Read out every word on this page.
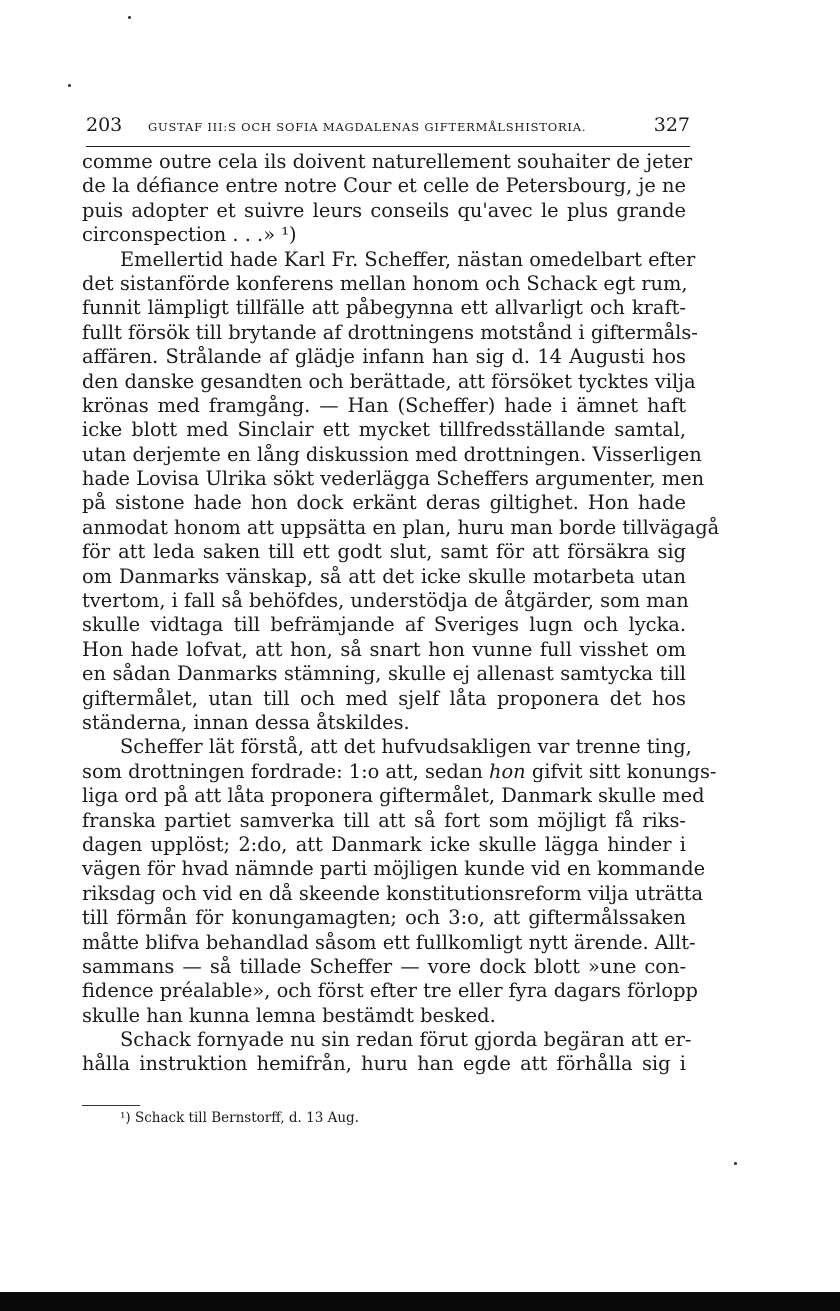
203 GUSTAF III:S OCH SOFIA MAGDALENAS GIFTERMÅLSHISTORIA.	327
comme outre cela ils doivent naturellement souhaiter de jeter
de la défiance entre notre Cour et celle de Petersbourg, je ne
puis adopter et suivre leurs conseils qu'avec le plus grande
circonspection . . .» ¹)
Emellertid hade Karl Fr. Scheffer, nästan omedelbart efter
det sistanförde konferens mellan honom och Schack egt rum,
funnit lämpligt tillfälle att påbegynna ett allvarligt och kraft-
fullt försök till brytande af drottningens motstånd i giftermåls-
affären. Strålande af glädje infann han sig d. 14 Augusti hos
den danske gesandten och berättade, att försöket tycktes vilja
krönas med framgång. — Han (Scheffer) hade i ämnet haft
icke blott med Sinclair ett mycket tillfredsställande samtal,
utan derjemte en lång diskussion med drottningen. Visserligen
hade Lovisa Ulrika sökt vederlägga Scheffers argumenter, men
på sistone hade hon dock erkänt deras giltighet. Hon hade
anmodat honom att uppsätta en plan, huru man borde tillvägagå
för att leda saken till ett godt slut, samt för att försäkra sig
om Danmarks vänskap, så att det icke skulle motarbeta utan
tvertom, i fall så behöfdes, understödja de åtgärder, som man
skulle vidtaga till befrämjande af Sveriges lugn och lycka.
Hon hade lofvat, att hon, så snart hon vunne full visshet om
en sådan Danmarks stämning, skulle ej allenast samtycka till
giftermålet, utan till och med sjelf låta proponera det hos
ständerna, innan dessa åtskildes.
Scheffer lät förstå, att det hufvudsakligen var trenne ting,
som drottningen fordrade: 1:o att, sedan hon gifvit sitt konungs-
liga ord på att låta proponera giftermålet, Danmark skulle med
franska partiet samverka till att så fort som möjligt få riks-
dagen upplöst; 2:do, att Danmark icke skulle lägga hinder i
vägen för hvad nämnde parti möjligen kunde vid en kommande
riksdag och vid en då skeende konstitutionsreform vilja uträtta
till förmån för konungamagten; och 3:o, att giftermålssaken
måtte blifva behandlad såsom ett fullkomligt nytt ärende. Allt-
sammans — så tillade Scheffer — vore dock blott »une con-
fidence préalable», och först efter tre eller fyra dagars förlopp
skulle han kunna lemna bestämdt besked.
Schack fornyade nu sin redan förut gjorda begäran att er-
hålla instruktion hemifrån, huru han egde att förhålla sig i
¹) Schack till Bernstorff, d. 13 Aug.
